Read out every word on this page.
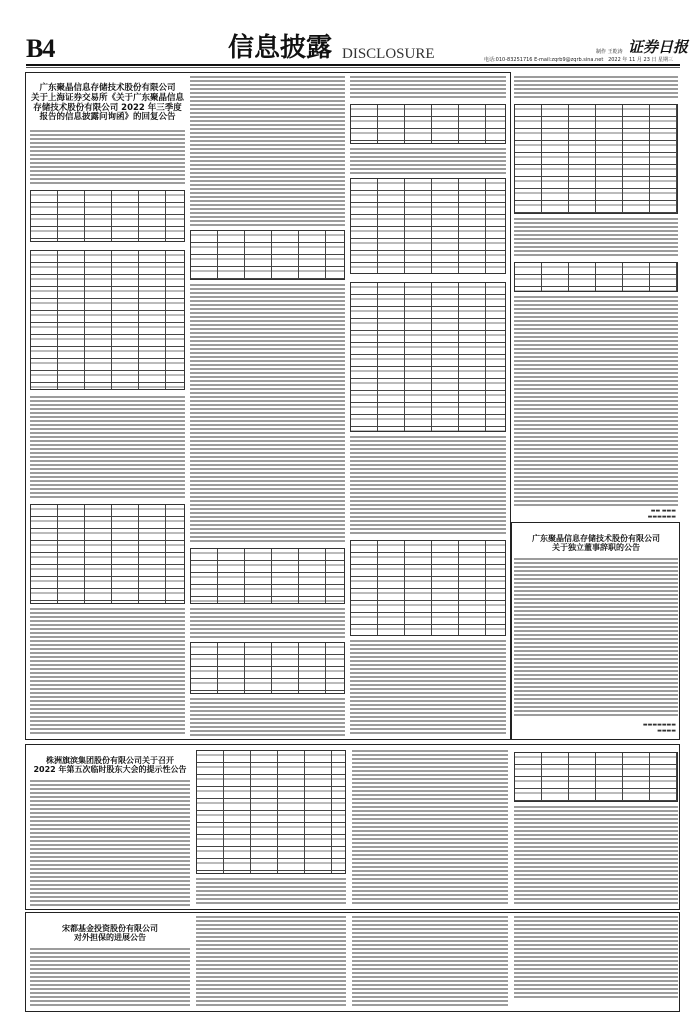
B4	信息披露 DISCLOSURE	制作 王乾涛 证券日报
电话:010-83251716 E-mail:zqrb9@zqrb.sina.net 2022 年 11 月 23 日 星期三
广东聚晶信息存储技术股份有限公司
关于上海证券交易所《关于广东聚晶信息存储技术股份有限公司 2022 年三季度报告的信息披露问询函》的回复公告
▬▬ ▬▬▬
▬▬▬▬▬▬
广东聚晶信息存储技术股份有限公司
关于独立董事辞职的公告
▬▬▬▬▬▬▬
▬▬▬▬
株洲旗滨集团股份有限公司关于召开
2022 年第五次临时股东大会的提示性公告
宋都基金投资股份有限公司
对外担保的进展公告
